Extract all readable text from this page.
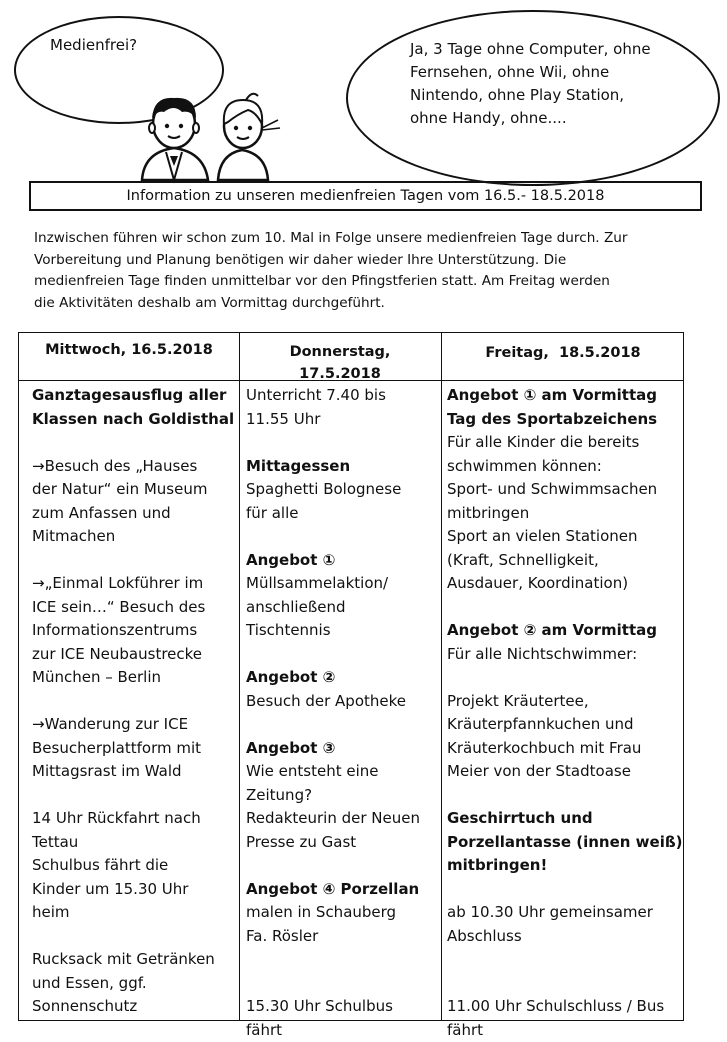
Medienfrei?	Ja, 3 Tage ohne Computer, ohne
Fernsehen, ohne Wii, ohne
Nintendo, ohne Play Station,
ohne Handy, ohne....
Information zu unseren medienfreien Tagen vom 16.5.- 18.5.2018
Inzwischen führen wir schon zum 10. Mal in Folge unsere medienfreien Tage durch. Zur
Vorbereitung und Planung benötigen wir daher wieder Ihre Unterstützung. Die
medienfreien Tage finden unmittelbar vor den Pfingstferien statt. Am Freitag werden
die Aktivitäten deshalb am Vormittag durchgeführt.
Mittwoch, 16.5.2018	Donnerstag,
17.5.2018
Freitag,  18.5.2018
Ganztagesausflug aller
Klassen nach Goldisthal

→Besuch des „Hauses
der Natur“ ein Museum
zum Anfassen und
Mitmachen

→„Einmal Lokführer im
ICE sein…“ Besuch des
Informationszentrums
zur ICE Neubaustrecke
München – Berlin

→Wanderung zur ICE
Besucherplattform mit
Mittagsrast im Wald

14 Uhr Rückfahrt nach
Tettau
Schulbus fährt die
Kinder um 15.30 Uhr
heim

Rucksack mit Getränken
und Essen, ggf.
Sonnenschutz
Unterricht 7.40 bis
11.55 Uhr

Mittagessen
Spaghetti Bolognese
für alle

Angebot ①
Müllsammelaktion/
anschließend
Tischtennis

Angebot ②
Besuch der Apotheke

Angebot ③
Wie entsteht eine
Zeitung?
Redakteurin der Neuen
Presse zu Gast

Angebot ④ Porzellan
malen in Schauberg
Fa. Rösler

15.30 Uhr Schulbus
fährt
Angebot ① am Vormittag
Tag des Sportabzeichens
Für alle Kinder die bereits
schwimmen können:
Sport- und Schwimmsachen
mitbringen
Sport an vielen Stationen
(Kraft, Schnelligkeit,
Ausdauer, Koordination)

Angebot ② am Vormittag
Für alle Nichtschwimmer:

Projekt Kräutertee,
Kräuterpfannkuchen und
Kräuterkochbuch mit Frau
Meier von der Stadtoase

Geschirrtuch und
Porzellantasse (innen weiß)
mitbringen!

ab 10.30 Uhr gemeinsamer
Abschluss

11.00 Uhr Schulschluss / Bus
fährt
